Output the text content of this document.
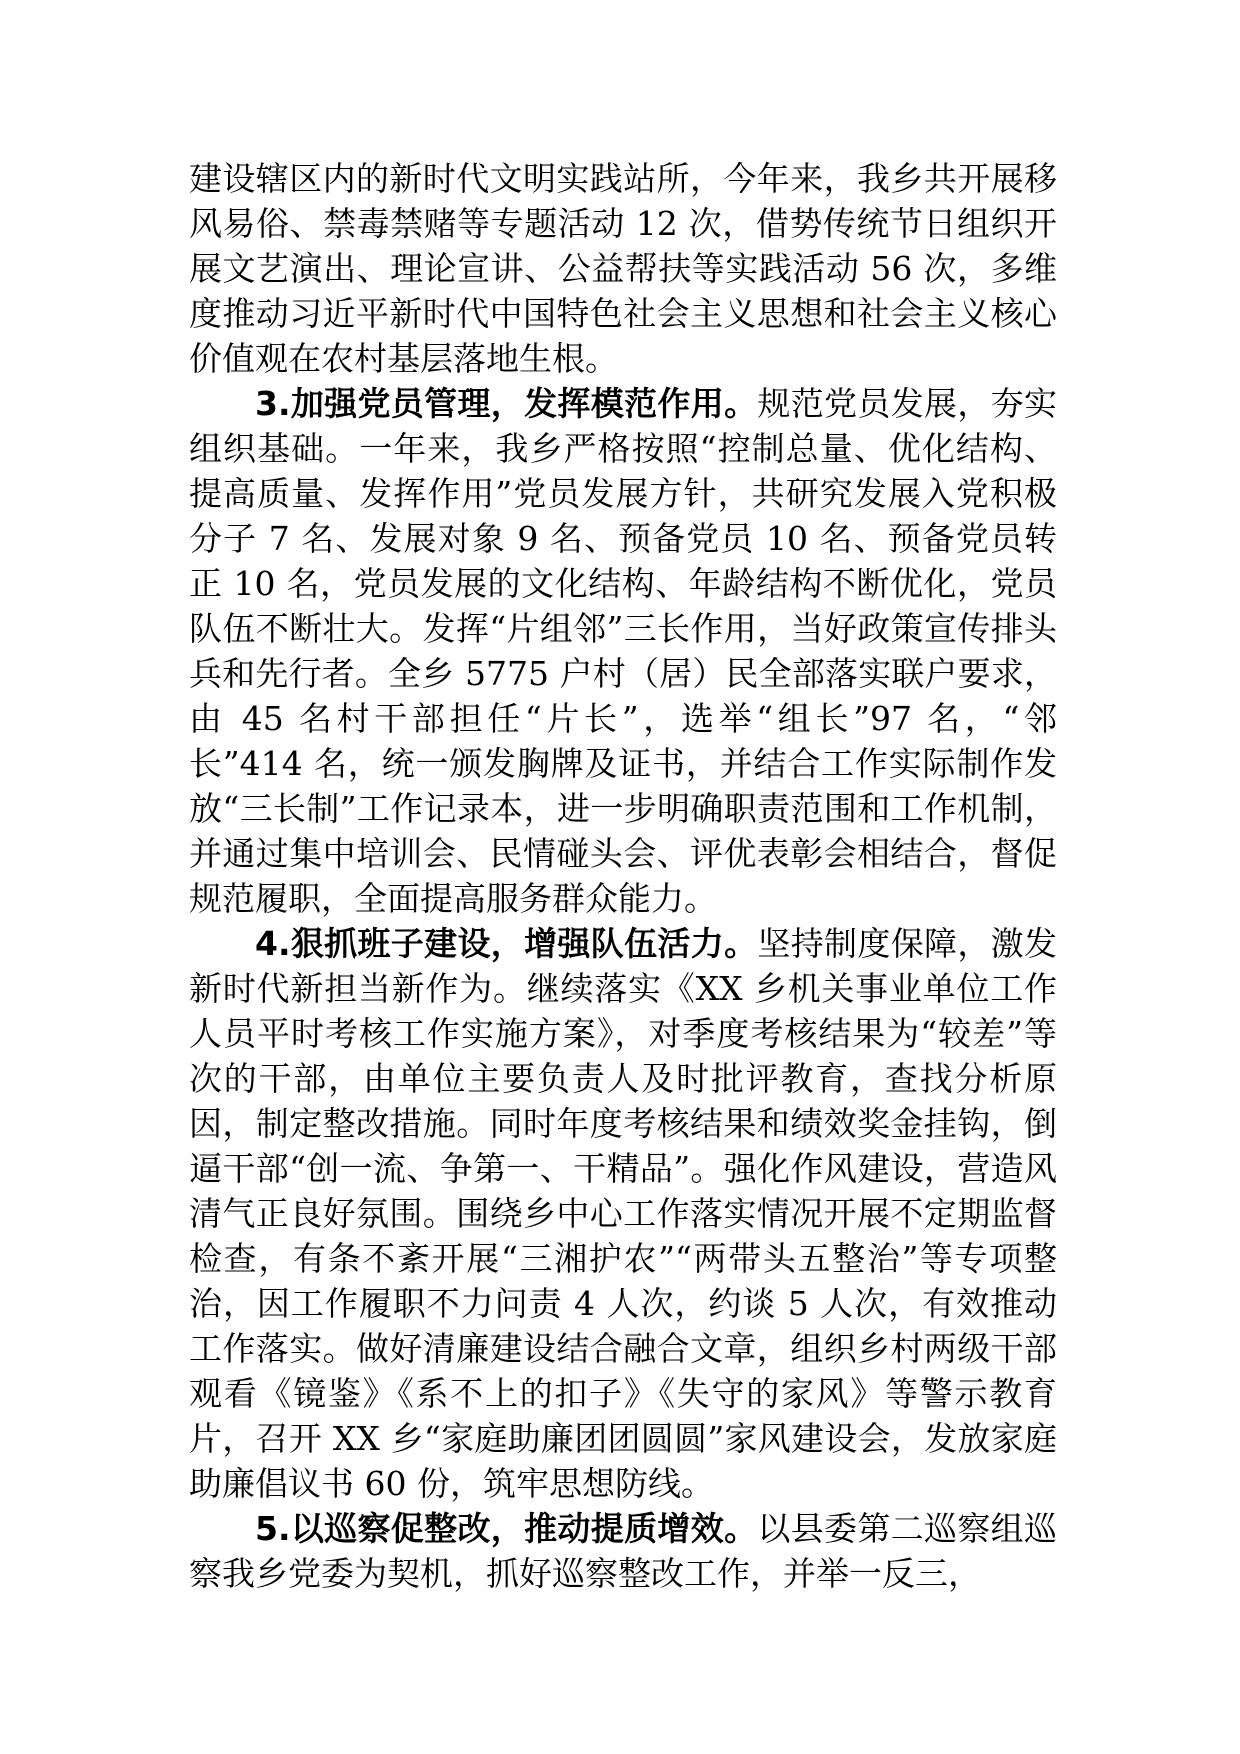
建设辖区内的新时代文明实践站所，今年来，我乡共开展移风易俗、禁毒禁赌等专题活动 12 次，借势传统节日组织开展文艺演出、理论宣讲、公益帮扶等实践活动 56 次，多维度推动习近平新时代中国特色社会主义思想和社会主义核心价值观在农村基层落地生根。

3.加强党员管理，发挥模范作用。规范党员发展，夯实组织基础。一年来，我乡严格按照“控制总量、优化结构、提高质量、发挥作用”党员发展方针，共研究发展入党积极分子 7 名、发展对象 9 名、预备党员 10 名、预备党员转正 10 名，党员发展的文化结构、年龄结构不断优化，党员队伍不断壮大。发挥“片组邻”三长作用，当好政策宣传排头兵和先行者。全乡 5775 户村（居）民全部落实联户要求，由 45 名村干部担任“片长”，选举“组长”97 名，“邻长”414 名，统一颁发胸牌及证书，并结合工作实际制作发放“三长制”工作记录本，进一步明确职责范围和工作机制，并通过集中培训会、民情碰头会、评优表彰会相结合，督促规范履职，全面提高服务群众能力。

4.狠抓班子建设，增强队伍活力。坚持制度保障，激发新时代新担当新作为。继续落实《XX 乡机关事业单位工作人员平时考核工作实施方案》，对季度考核结果为“较差”等次的干部，由单位主要负责人及时批评教育，查找分析原因，制定整改措施。同时年度考核结果和绩效奖金挂钩，倒逼干部“创一流、争第一、干精品”。强化作风建设，营造风清气正良好氛围。围绕乡中心工作落实情况开展不定期监督检查，有条不紊开展“三湘护农”“两带头五整治”等专项整治，因工作履职不力问责 4 人次，约谈 5 人次，有效推动工作落实。做好清廉建设结合融合文章，组织乡村两级干部观看《镜鉴》《系不上的扣子》《失守的家风》等警示教育片，召开 XX 乡“家庭助廉团团圆圆”家风建设会，发放家庭助廉倡议书 60 份，筑牢思想防线。

5.以巡察促整改，推动提质增效。以县委第二巡察组巡察我乡党委为契机，抓好巡察整改工作，并举一反三，
